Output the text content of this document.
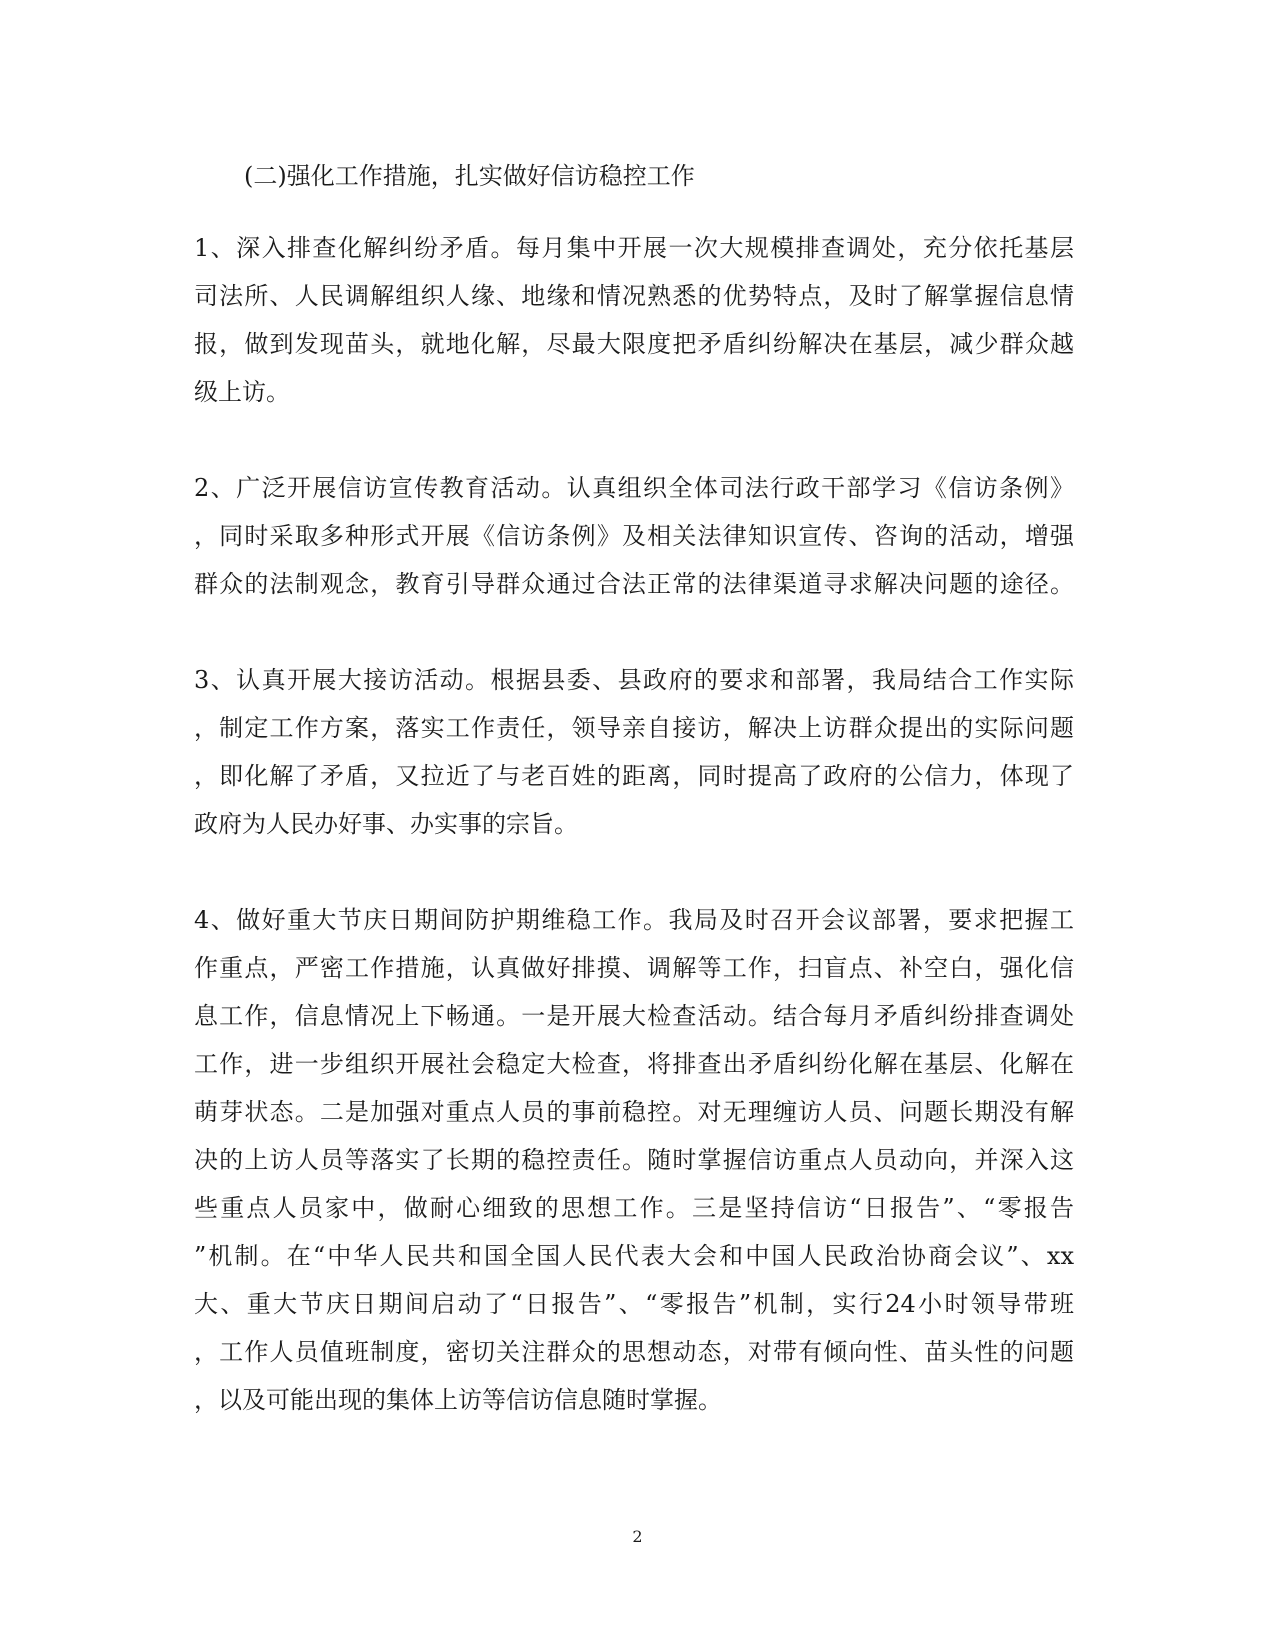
(二)强化工作措施，扎实做好信访稳控工作
1、深入排查化解纠纷矛盾。每月集中开展一次大规模排查调处，充分依托基层
司法所、人民调解组织人缘、地缘和情况熟悉的优势特点，及时了解掌握信息情
报，做到发现苗头，就地化解，尽最大限度把矛盾纠纷解决在基层，减少群众越
级上访。
2、广泛开展信访宣传教育活动。认真组织全体司法行政干部学习《信访条例》
，同时采取多种形式开展《信访条例》及相关法律知识宣传、咨询的活动，增强
群众的法制观念，教育引导群众通过合法正常的法律渠道寻求解决问题的途径。
3、认真开展大接访活动。根据县委、县政府的要求和部署，我局结合工作实际
，制定工作方案，落实工作责任，领导亲自接访，解决上访群众提出的实际问题
，即化解了矛盾，又拉近了与老百姓的距离，同时提高了政府的公信力，体现了
政府为人民办好事、办实事的宗旨。
4、做好重大节庆日期间防护期维稳工作。我局及时召开会议部署，要求把握工
作重点，严密工作措施，认真做好排摸、调解等工作，扫盲点、补空白，强化信
息工作，信息情况上下畅通。一是开展大检查活动。结合每月矛盾纠纷排查调处
工作，进一步组织开展社会稳定大检查，将排查出矛盾纠纷化解在基层、化解在
萌芽状态。二是加强对重点人员的事前稳控。对无理缠访人员、问题长期没有解
决的上访人员等落实了长期的稳控责任。随时掌握信访重点人员动向，并深入这
些重点人员家中，做耐心细致的思想工作。三是坚持信访“日报告”、“零报告
”机制。在“中华人民共和国全国人民代表大会和中国人民政治协商会议”、xx
大、重大节庆日期间启动了“日报告”、“零报告”机制，实行24小时领导带班
，工作人员值班制度，密切关注群众的思想动态，对带有倾向性、苗头性的问题
，以及可能出现的集体上访等信访信息随时掌握。
2
